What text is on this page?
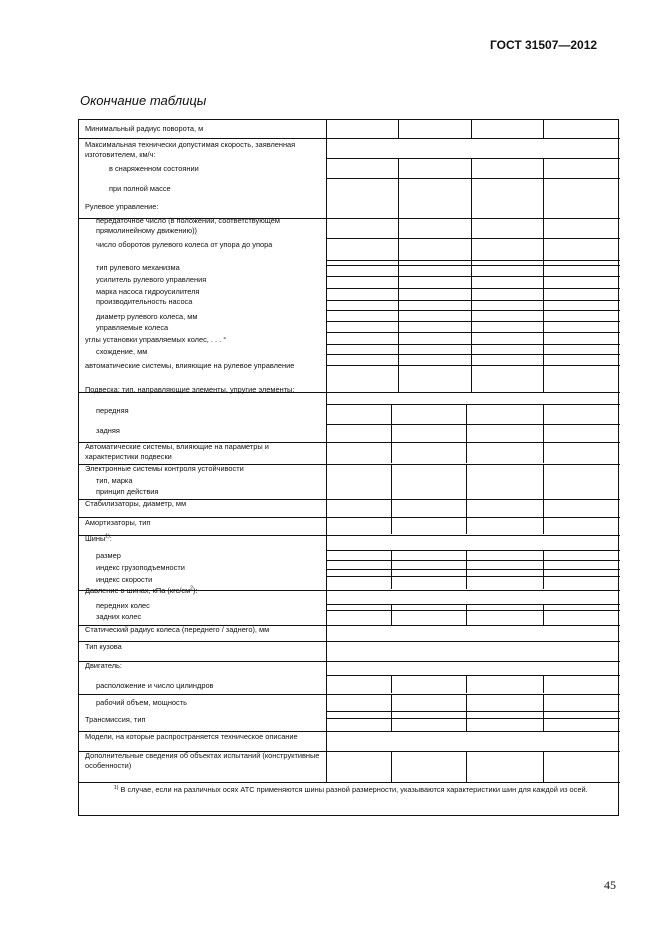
ГОСТ 31507—2012
Окончание таблицы
Минимальный радиус поворота, м
Максимальная технически допустимая скорость, заявленная изготовителем, км/ч:
в снаряженном состоянии
при полной массе
Рулевое управление:
передаточное число (в положении, соответствующем прямолинейному движению))
число оборотов рулевого колеса от упора до упора
тип рулевого механизма
усилитель рулевого управления
марка насоса гидроусилителя
производительность насоса
диаметр рулевого колеса, мм
управляемые колеса
углы установки управляемых колес, . . . °
схождение, мм
автоматические системы, влияющие на рулевое управление
Подвеска; тип, направляющие элементы, упругие элементы:
передняя
задняя
Автоматические системы, влияющие на параметры и характеристики подвески
Электронные системы контроля устойчивости
тип, марка
принцип действия
Стабилизаторы, диаметр, мм
Амортизаторы, тип
Шины$^{1)}$:
размер
индекс грузоподъемности
индекс скорости
Давление в шинах, кПа $(кгс/см^2)$:
передних колес
задних колес
Статический радиус колеса (переднего / заднего), мм
Тип кузова
Двигатель:
расположение и число цилиндров
рабочий объем, мощность
Трансмиссия, тип
Модели, на которые распространяется техническое описание
Дополнительные сведения об объектах испытаний (конструктивные особенности)
$^{1)}$ В случае, если на различных осях АТС применяются шины разной размерности, указываются характеристики шин для каждой из осей.
45
